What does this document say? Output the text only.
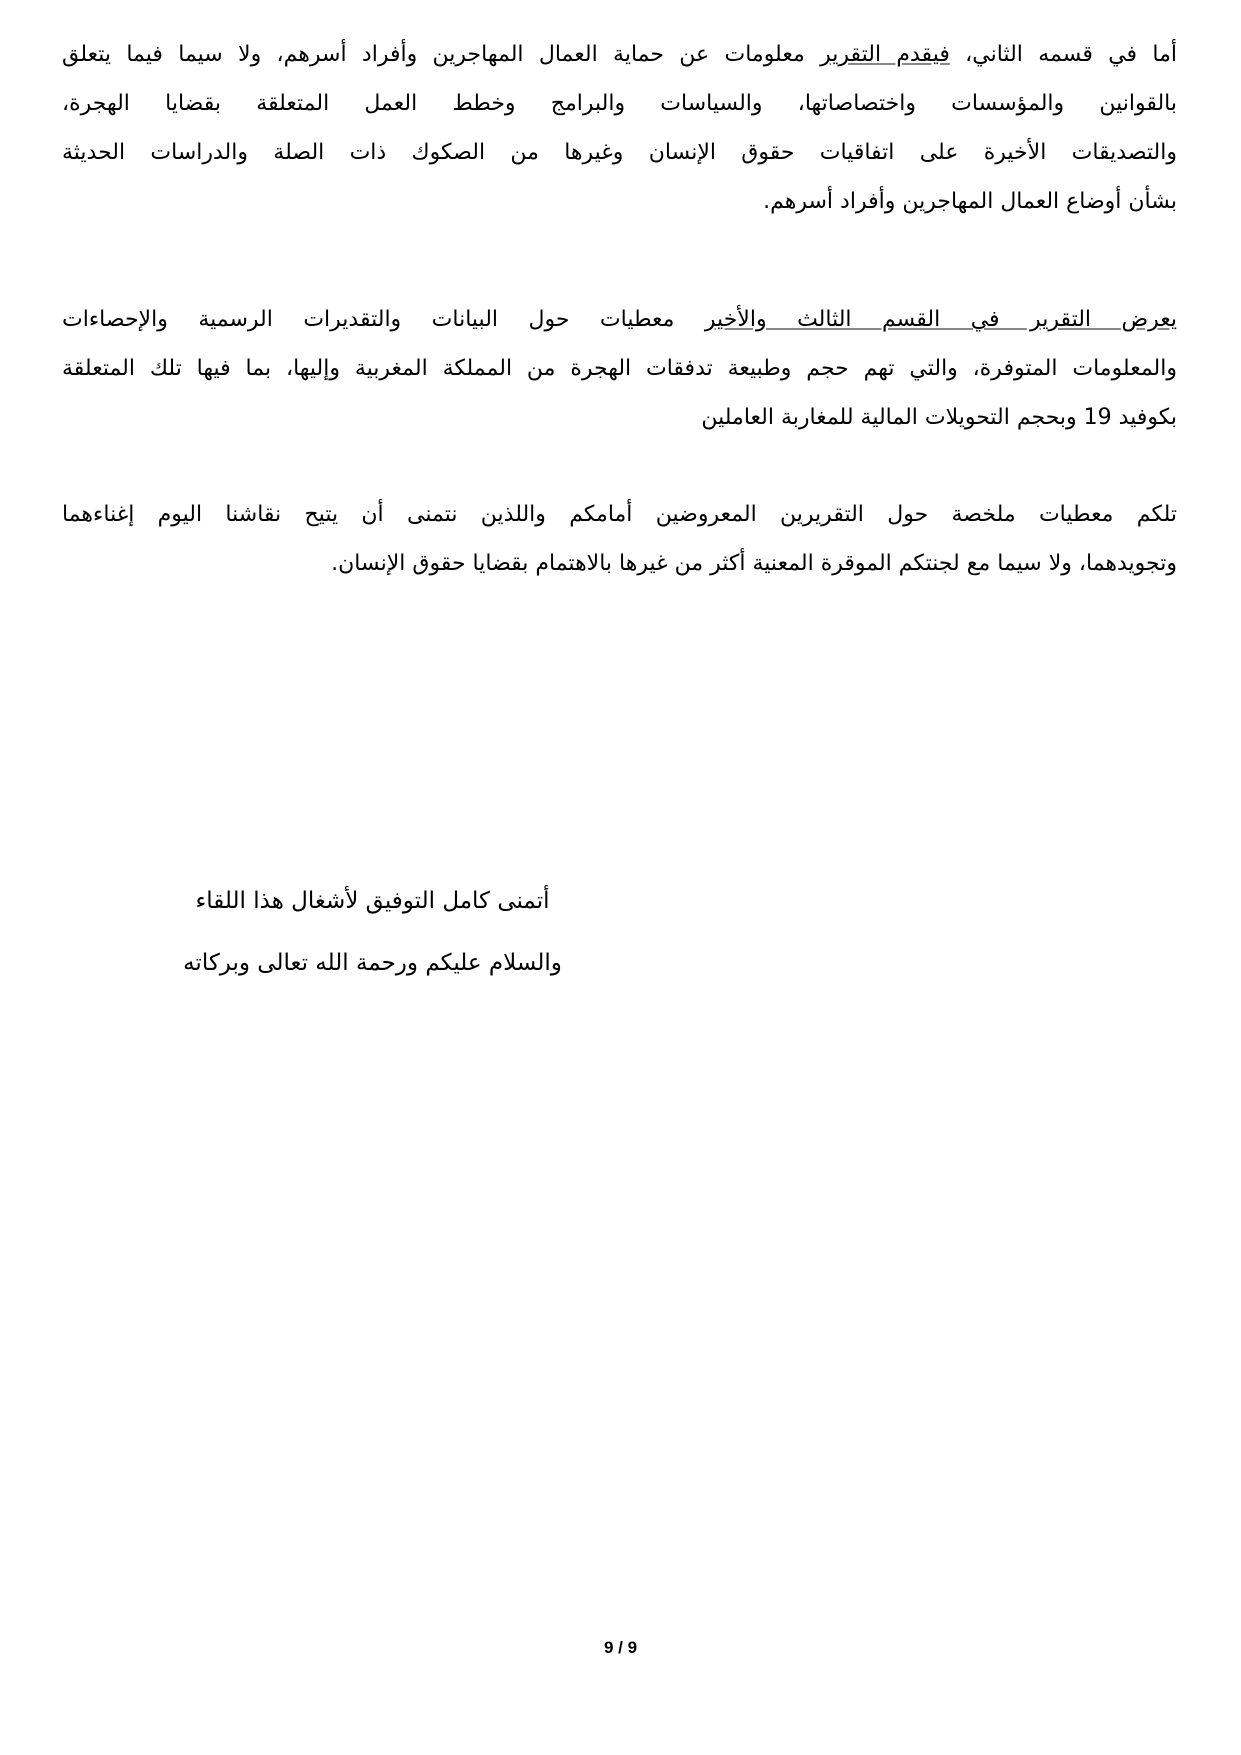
أما في قسمه الثاني، فيقدم التقرير معلومات عن حماية العمال المهاجرين وأفراد أسرهم، ولا سيما فيما يتعلق
بالقوانين والمؤسسات واختصاصاتها، والسياسات والبرامج وخطط العمل المتعلقة بقضايا الهجرة،
والتصديقات الأخيرة على اتفاقيات حقوق الإنسان وغيرها من الصكوك ذات الصلة والدراسات الحديثة
بشأن أوضاع العمال المهاجرين وأفراد أسرهم.
يعرض التقرير في القسم الثالث والأخير معطيات حول البيانات والتقديرات الرسمية والإحصاءات
والمعلومات المتوفرة، والتي تهم حجم وطبيعة تدفقات الهجرة من المملكة المغربية وإليها، بما فيها تلك المتعلقة
بكوفيد 19 وبحجم التحويلات المالية للمغاربة العاملين
تلكم معطيات ملخصة حول التقريرين المعروضين أمامكم واللذين نتمنى أن يتيح نقاشنا اليوم إغناءهما
وتجويدهما، ولا سيما مع لجنتكم الموقرة المعنية أكثر من غيرها بالاهتمام بقضايا حقوق الإنسان.
أتمنى كامل التوفيق لأشغال هذا اللقاء
والسلام عليكم ورحمة الله تعالى وبركاته
9 / 9
